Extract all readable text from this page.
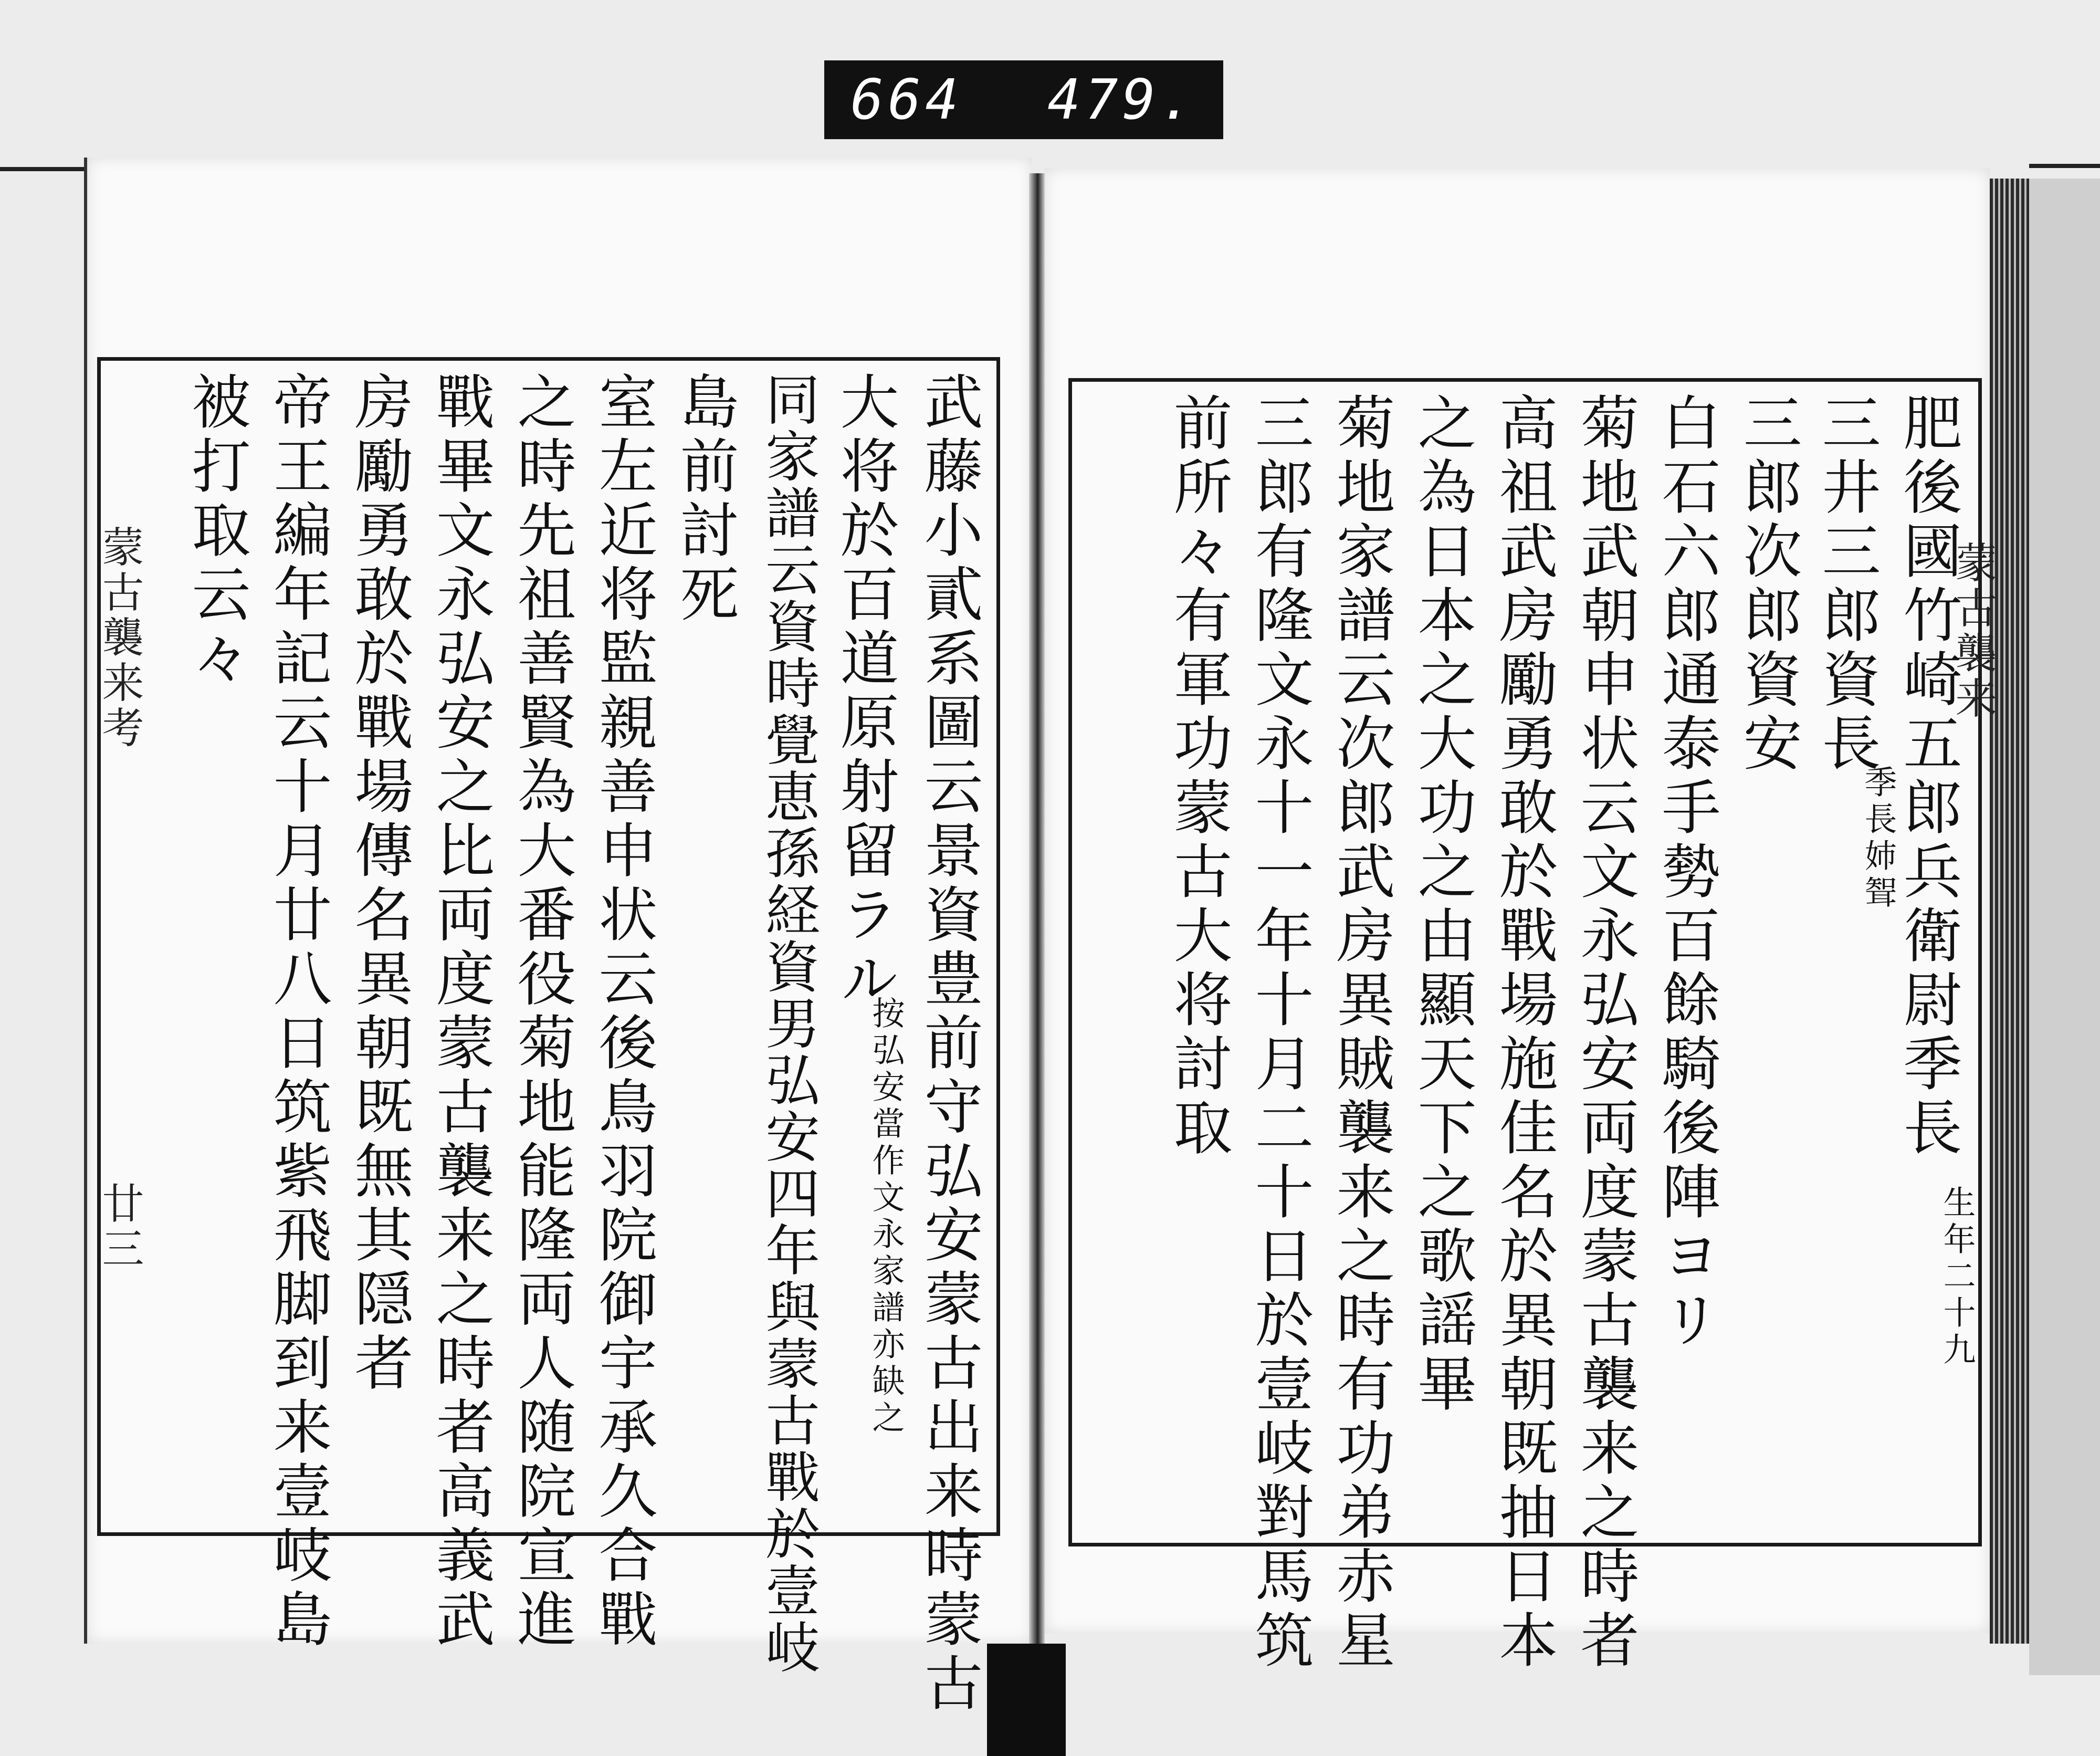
664 479.
蒙古襲来考
廿三
蒙古襲来
肥後國竹崎五郎兵衛尉季長
生年二十九
三井三郎資長
季長姉聟
三郎次郎資安
白石六郎通泰手勢百餘騎後陣ヨリ
菊地武朝申状云文永弘安両度蒙古襲来之時者
高祖武房勵勇敢於戰場施佳名於異朝既抽日本
之為日本之大功之由顯天下之歌謡畢
菊地家譜云次郎武房異賊襲来之時有功弟赤星
三郎有隆文永十一年十月二十日於壹岐對馬筑
前所々有軍功蒙古大将討取
武藤小貳系圖云景資豊前守弘安蒙古出来時蒙古
大将於百道原射留ラル
按弘安當作文永家譜亦缺之
同家譜云資時覺恵孫経資男弘安四年與蒙古戰於壹岐
島前討死
室左近将監親善申状云後鳥羽院御宇承久合戰
之時先祖善賢為大番役菊地能隆両人随院宣進
戰畢文永弘安之比両度蒙古襲来之時者高義武
房勵勇敢於戰場傳名異朝既無其隠者
帝王編年記云十月廿八日筑紫飛脚到来壹岐島
被打取云々
